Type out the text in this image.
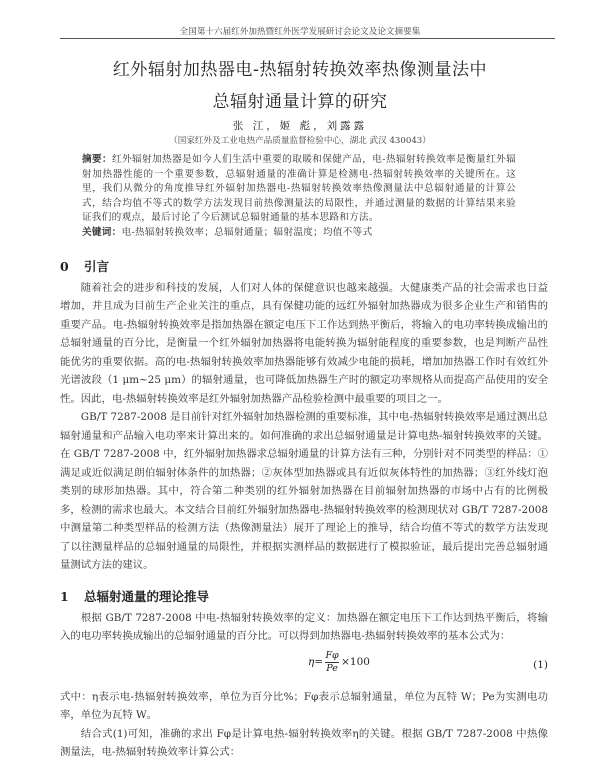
全国第十六届红外加热暨红外医学发展研讨会论文及论文摘要集
红外辐射加热器电-热辐射转换效率热像测量法中
总辐射通量计算的研究
张 江，姬 彪，刘露露
（国家红外及工业电热产品质量监督检验中心，湖北 武汉 430043）
摘要：红外辐射加热器是如今人们生活中重要的取暖和保健产品，电-热辐射转换效率是衡量红外辐射加热器性能的一个重要参数，总辐射通量的准确计算是检测电-热辐射转换效率的关键所在。这里，我们从微分的角度推导红外辐射加热器电-热辐射转换效率热像测量法中总辐射通量的计算公式，结合均值不等式的数学方法发现目前热像测量法的局限性，并通过测量的数据的计算结果来验证我们的观点，最后讨论了今后测试总辐射通量的基本思路和方法。
关键词：电-热辐射转换效率；总辐射通量；辐射温度；均值不等式
0 引言
随着社会的进步和科技的发展，人们对人体的保健意识也越来越强。大健康类产品的社会需求也日益增加，并且成为目前生产企业关注的重点，具有保健功能的远红外辐射加热器成为很多企业生产和销售的重要产品。电-热辐射转换效率是指加热器在额定电压下工作达到热平衡后，将输入的电功率转换成输出的总辐射通量的百分比，是衡量一个红外辐射加热器将电能转换为辐射能程度的重要参数，也是判断产品性能优劣的重要依据。高的电-热辐射转换效率加热器能够有效减少电能的损耗，增加加热器工作时有效红外光谱波段（1 μm~25 μm）的辐射通量，也可降低加热器生产时的额定功率规格从而提高产品使用的安全性。因此，电-热辐射转换效率是红外辐射加热器产品检验检测中最重要的项目之一。
GB/T 7287-2008 是目前针对红外辐射加热器检测的重要标准，其中电-热辐射转换效率是通过测出总辐射通量和产品输入电功率来计算出来的。如何准确的求出总辐射通量是计算电热-辐射转换效率的关键。在 GB/T 7287-2008 中，红外辐射加热器求总辐射通量的计算方法有三种，分别针对不同类型的样品：①满足或近似满足朗伯辐射体条件的加热器；②灰体型加热器或具有近似灰体特性的加热器；③红外线灯泡类别的球形加热器。其中，符合第二种类别的红外辐射加热器在目前辐射加热器的市场中占有的比例极多，检测的需求也最大。本文结合目前红外辐射加热器电-热辐射转换效率的检测现状对 GB/T 7287-2008 中测量第二种类型样品的检测方法（热像测量法）展开了理论上的推导，结合均值不等式的数学方法发现了以往测量样品的总辐射通量的局限性，并根据实测样品的数据进行了模拟验证，最后提出完善总辐射通量测试方法的建议。
1 总辐射通量的理论推导
根据 GB/T 7287-2008 中电-热辐射转换效率的定义：加热器在额定电压下工作达到热平衡后，将输入的电功率转换成输出的总辐射通量的百分比。可以得到加热器电-热辐射转换效率的基本公式为：
$\eta= \frac{F\varphi}{Pe} \times 100$	(1)
式中：η表示电-热辐射转换效率，单位为百分比%；Fφ表示总辐射通量，单位为瓦特 W；Pe为实测电功率，单位为瓦特 W。
结合式(1)可知，准确的求出 Fφ是计算电热-辐射转换效率η的关键。根据 GB/T 7287-2008 中热像测量法，电-热辐射转换效率计算公式：
